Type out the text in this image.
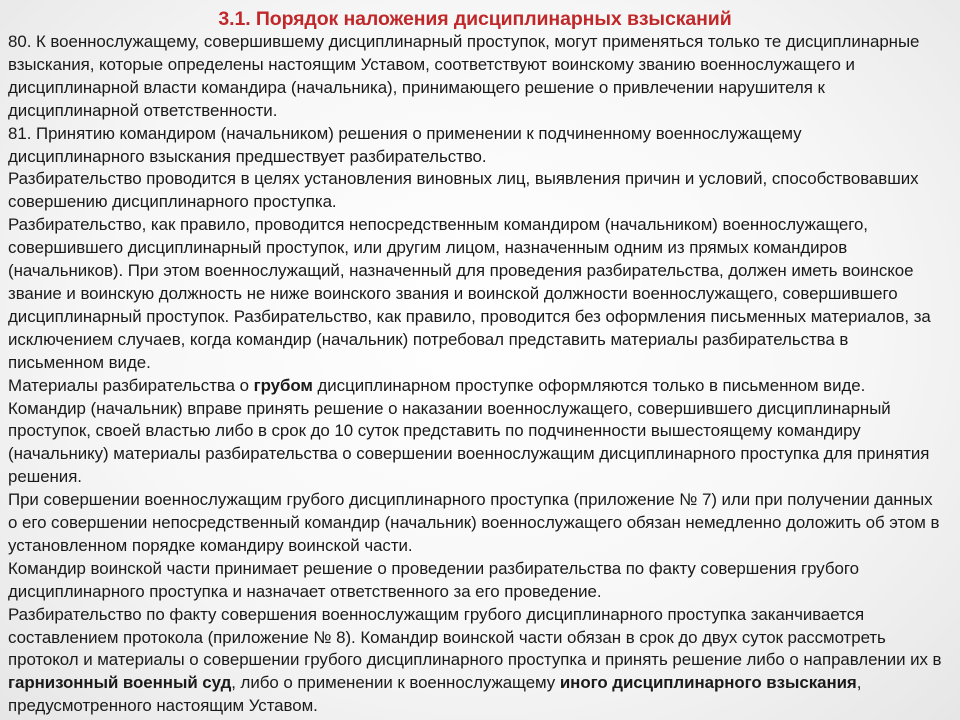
3.1. Порядок наложения дисциплинарных взысканий
80. К военнослужащему, совершившему дисциплинарный проступок, могут применяться только те дисциплинарные взыскания, которые определены настоящим Уставом, соответствуют воинскому званию военнослужащего и дисциплинарной власти командира (начальника), принимающего решение о привлечении нарушителя к дисциплинарной ответственности.
81. Принятию командиром (начальником) решения о применении к подчиненному военнослужащему дисциплинарного взыскания предшествует разбирательство.
Разбирательство проводится в целях установления виновных лиц, выявления причин и условий, способствовавших совершению дисциплинарного проступка.
Разбирательство, как правило, проводится непосредственным командиром (начальником) военнослужащего, совершившего дисциплинарный проступок, или другим лицом, назначенным одним из прямых командиров (начальников). При этом военнослужащий, назначенный для проведения разбирательства, должен иметь воинское звание и воинскую должность не ниже воинского звания и воинской должности военнослужащего, совершившего дисциплинарный проступок. Разбирательство, как правило, проводится без оформления письменных материалов, за исключением случаев, когда командир (начальник) потребовал представить материалы разбирательства в письменном виде.
Материалы разбирательства о грубом дисциплинарном проступке оформляются только в письменном виде. Командир (начальник) вправе принять решение о наказании военнослужащего, совершившего дисциплинарный проступок, своей властью либо в срок до 10 суток представить по подчиненности вышестоящему командиру (начальнику) материалы разбирательства о совершении военнослужащим дисциплинарного проступка для принятия решения.
При совершении военнослужащим грубого дисциплинарного проступка (приложение № 7) или при получении данных о его совершении непосредственный командир (начальник) военнослужащего обязан немедленно доложить об этом в установленном порядке командиру воинской части.
Командир воинской части принимает решение о проведении разбирательства по факту совершения грубого дисциплинарного проступка и назначает ответственного за его проведение.
Разбирательство по факту совершения военнослужащим грубого дисциплинарного проступка заканчивается составлением протокола (приложение № 8). Командир воинской части обязан в срок до двух суток рассмотреть протокол и материалы о совершении грубого дисциплинарного проступка и принять решение либо о направлении их в гарнизонный военный суд, либо о применении к военнослужащему иного дисциплинарного взыскания, предусмотренного настоящим Уставом.
